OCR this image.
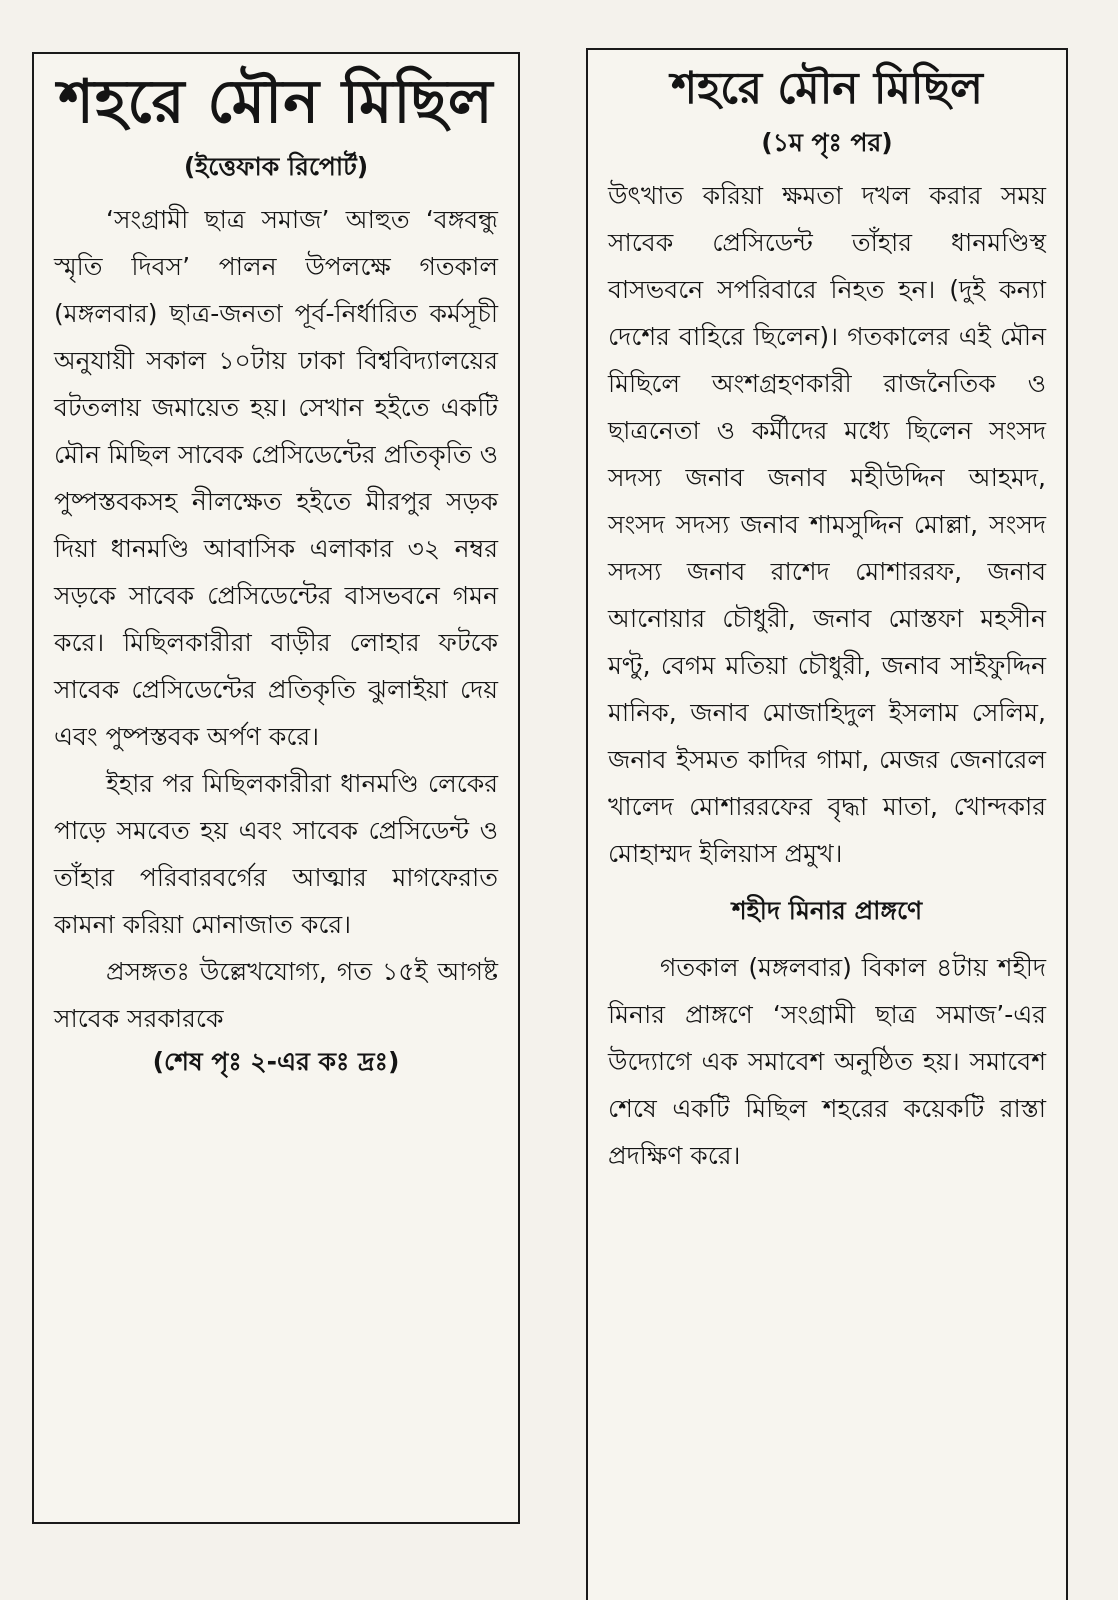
শহরে মৌন মিছিল

(ইত্তেফাক রিপোর্ট)

‘সংগ্রামী ছাত্র সমাজ’ আহুত ‘বঙ্গবন্ধু স্মৃতি দিবস’ পালন উপলক্ষে গতকাল (মঙ্গলবার) ছাত্র-জনতা পূর্ব-নির্ধারিত কর্মসূচী অনুযায়ী সকাল ১০টায় ঢাকা বিশ্ববিদ্যালয়ের বটতলায় জমায়েত হয়। সেখান হইতে একটি মৌন মিছিল সাবেক প্রেসিডেন্টের প্রতিকৃতি ও পুষ্পস্তবকসহ নীলক্ষেত হইতে মীরপুর সড়ক দিয়া ধানমণ্ডি আবাসিক এলাকার ৩২ নম্বর সড়কে সাবেক প্রেসিডেন্টের বাসভবনে গমন করে। মিছিলকারীরা বাড়ীর লোহার ফটকে সাবেক প্রেসিডেন্টের প্রতিকৃতি ঝুলাইয়া দেয় এবং পুষ্পস্তবক অর্পণ করে।

ইহার পর মিছিলকারীরা ধানমণ্ডি লেকের পাড়ে সমবেত হয় এবং সাবেক প্রেসিডেন্ট ও তাঁহার পরিবারবর্গের আত্মার মাগফেরাত কামনা করিয়া মোনাজাত করে।

প্রসঙ্গতঃ উল্লেখযোগ্য, গত ১৫ই আগষ্ট সাবেক সরকারকে

(শেষ পৃঃ ২-এর কঃ দ্রঃ)

শহরে মৌন মিছিল

(১ম পৃঃ পর)

উৎখাত করিয়া ক্ষমতা দখল করার সময় সাবেক প্রেসিডেন্ট তাঁহার ধানমণ্ডিস্থ বাসভবনে সপরিবারে নিহত হন। (দুই কন্যা দেশের বাহিরে ছিলেন)। গতকালের এই মৌন মিছিলে অংশগ্রহণকারী রাজনৈতিক ও ছাত্রনেতা ও কর্মীদের মধ্যে ছিলেন সংসদ সদস্য জনাব জনাব মহীউদ্দিন আহমদ, সংসদ সদস্য জনাব শামসুদ্দিন মোল্লা, সংসদ সদস্য জনাব রাশেদ মোশাররফ, জনাব আনোয়ার চৌধুরী, জনাব মোস্তফা মহসীন মণ্টু, বেগম মতিয়া চৌধুরী, জনাব সাইফুদ্দিন মানিক, জনাব মোজাহিদুল ইসলাম সেলিম, জনাব ইসমত কাদির গামা, মেজর জেনারেল খালেদ মোশাররফের বৃদ্ধা মাতা, খোন্দকার মোহাম্মদ ইলিয়াস প্রমুখ।

শহীদ মিনার প্রাঙ্গণে

গতকাল (মঙ্গলবার) বিকাল ৪টায় শহীদ মিনার প্রাঙ্গণে ‘সংগ্রামী ছাত্র সমাজ’-এর উদ্যোগে এক সমাবেশ অনুষ্ঠিত হয়। সমাবেশ শেষে একটি মিছিল শহরের কয়েকটি রাস্তা প্রদক্ষিণ করে।
